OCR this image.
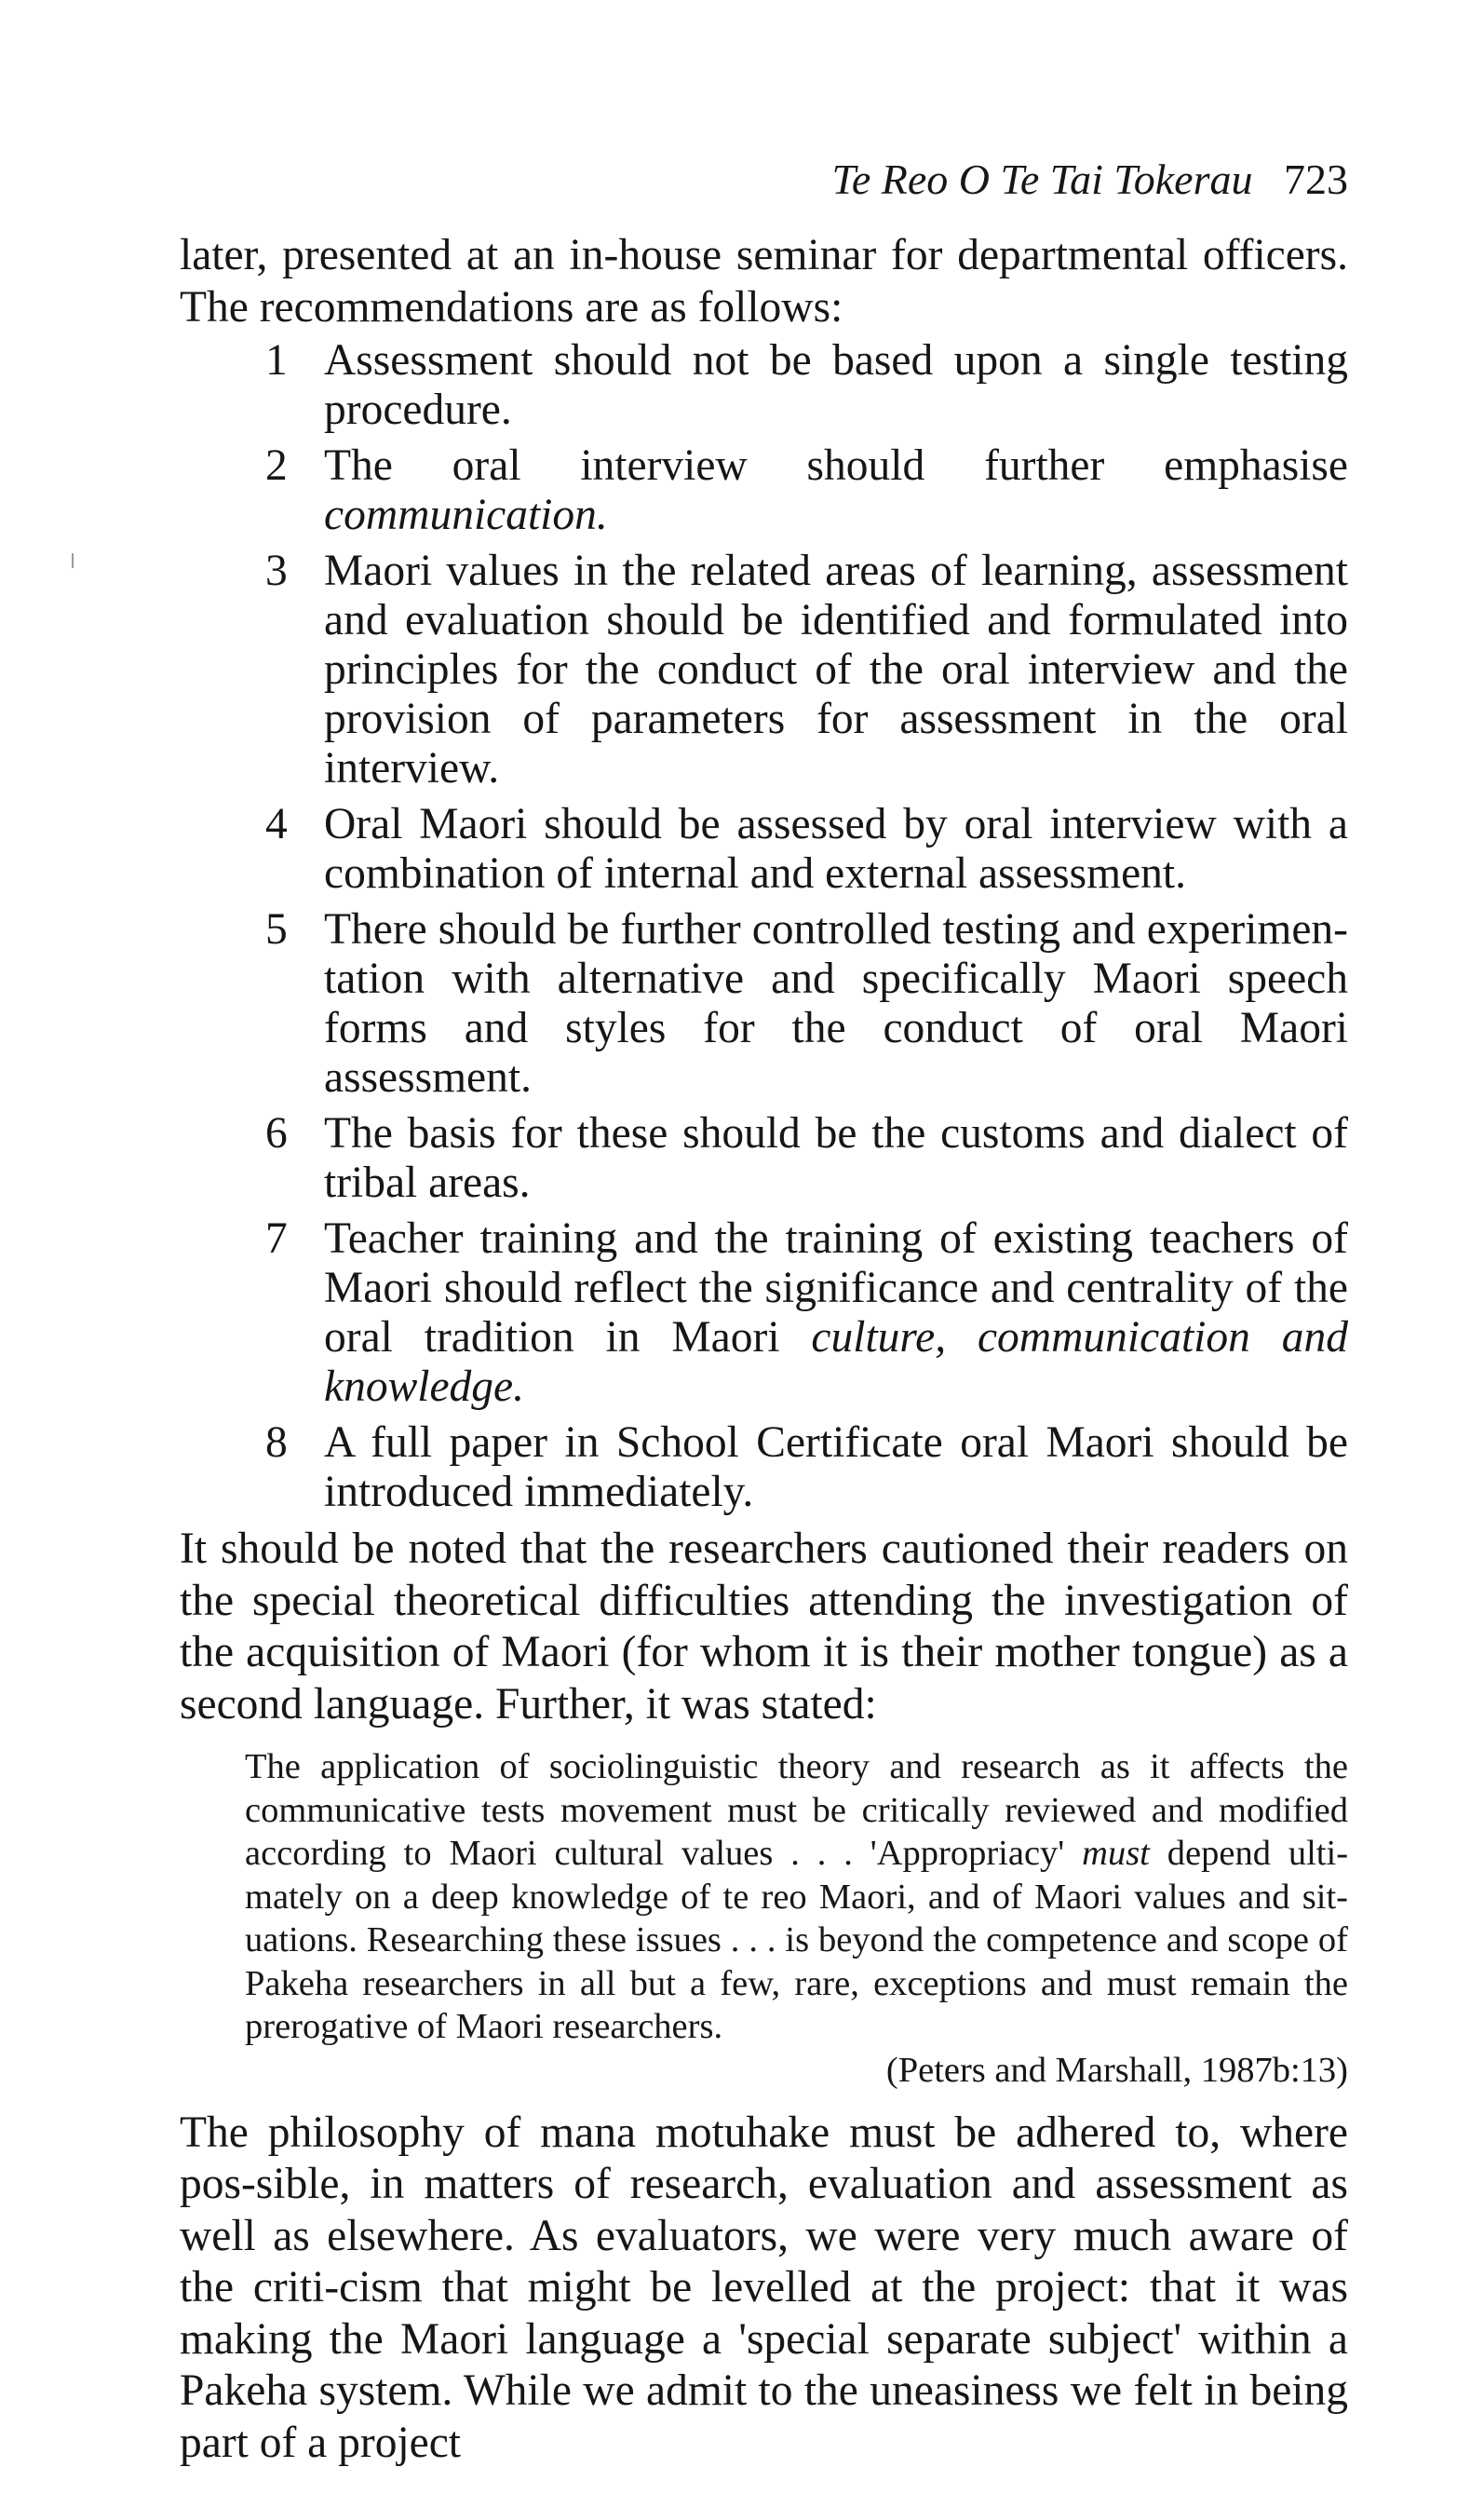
Te Reo O Te Tai Tokerau 723

later, presented at an in-house seminar for departmental officers. The recommendations are as follows:

1 Assessment should not be based upon a single testing procedure.
2 The oral interview should further emphasise communication.
3 Maori values in the related areas of learning, assessment and evaluation should be identified and formulated into principles for the conduct of the oral interview and the provision of parameters for assessment in the oral interview.
4 Oral Maori should be assessed by oral interview with a combination of internal and external assessment.
5 There should be further controlled testing and experimen-tation with alternative and specifically Maori speech forms and styles for the conduct of oral Maori assessment.
6 The basis for these should be the customs and dialect of tribal areas.
7 Teacher training and the training of existing teachers of Maori should reflect the significance and centrality of the oral tradition in Maori culture, communication and knowledge.
8 A full paper in School Certificate oral Maori should be introduced immediately.

It should be noted that the researchers cautioned their readers on the special theoretical difficulties attending the investigation of the acquisition of Maori (for whom it is their mother tongue) as a second language. Further, it was stated:

The application of sociolinguistic theory and research as it affects the communicative tests movement must be critically reviewed and modified according to Maori cultural values . . . 'Appropriacy' must depend ulti-mately on a deep knowledge of te reo Maori, and of Maori values and sit-uations. Researching these issues . . . is beyond the competence and scope of Pakeha researchers in all but a few, rare, exceptions and must remain the prerogative of Maori researchers.
(Peters and Marshall, 1987b:13)

The philosophy of mana motuhake must be adhered to, where pos-sible, in matters of research, evaluation and assessment as well as elsewhere. As evaluators, we were very much aware of the criti-cism that might be levelled at the project: that it was making the Maori language a 'special separate subject' within a Pakeha system. While we admit to the uneasiness we felt in being part of a project
